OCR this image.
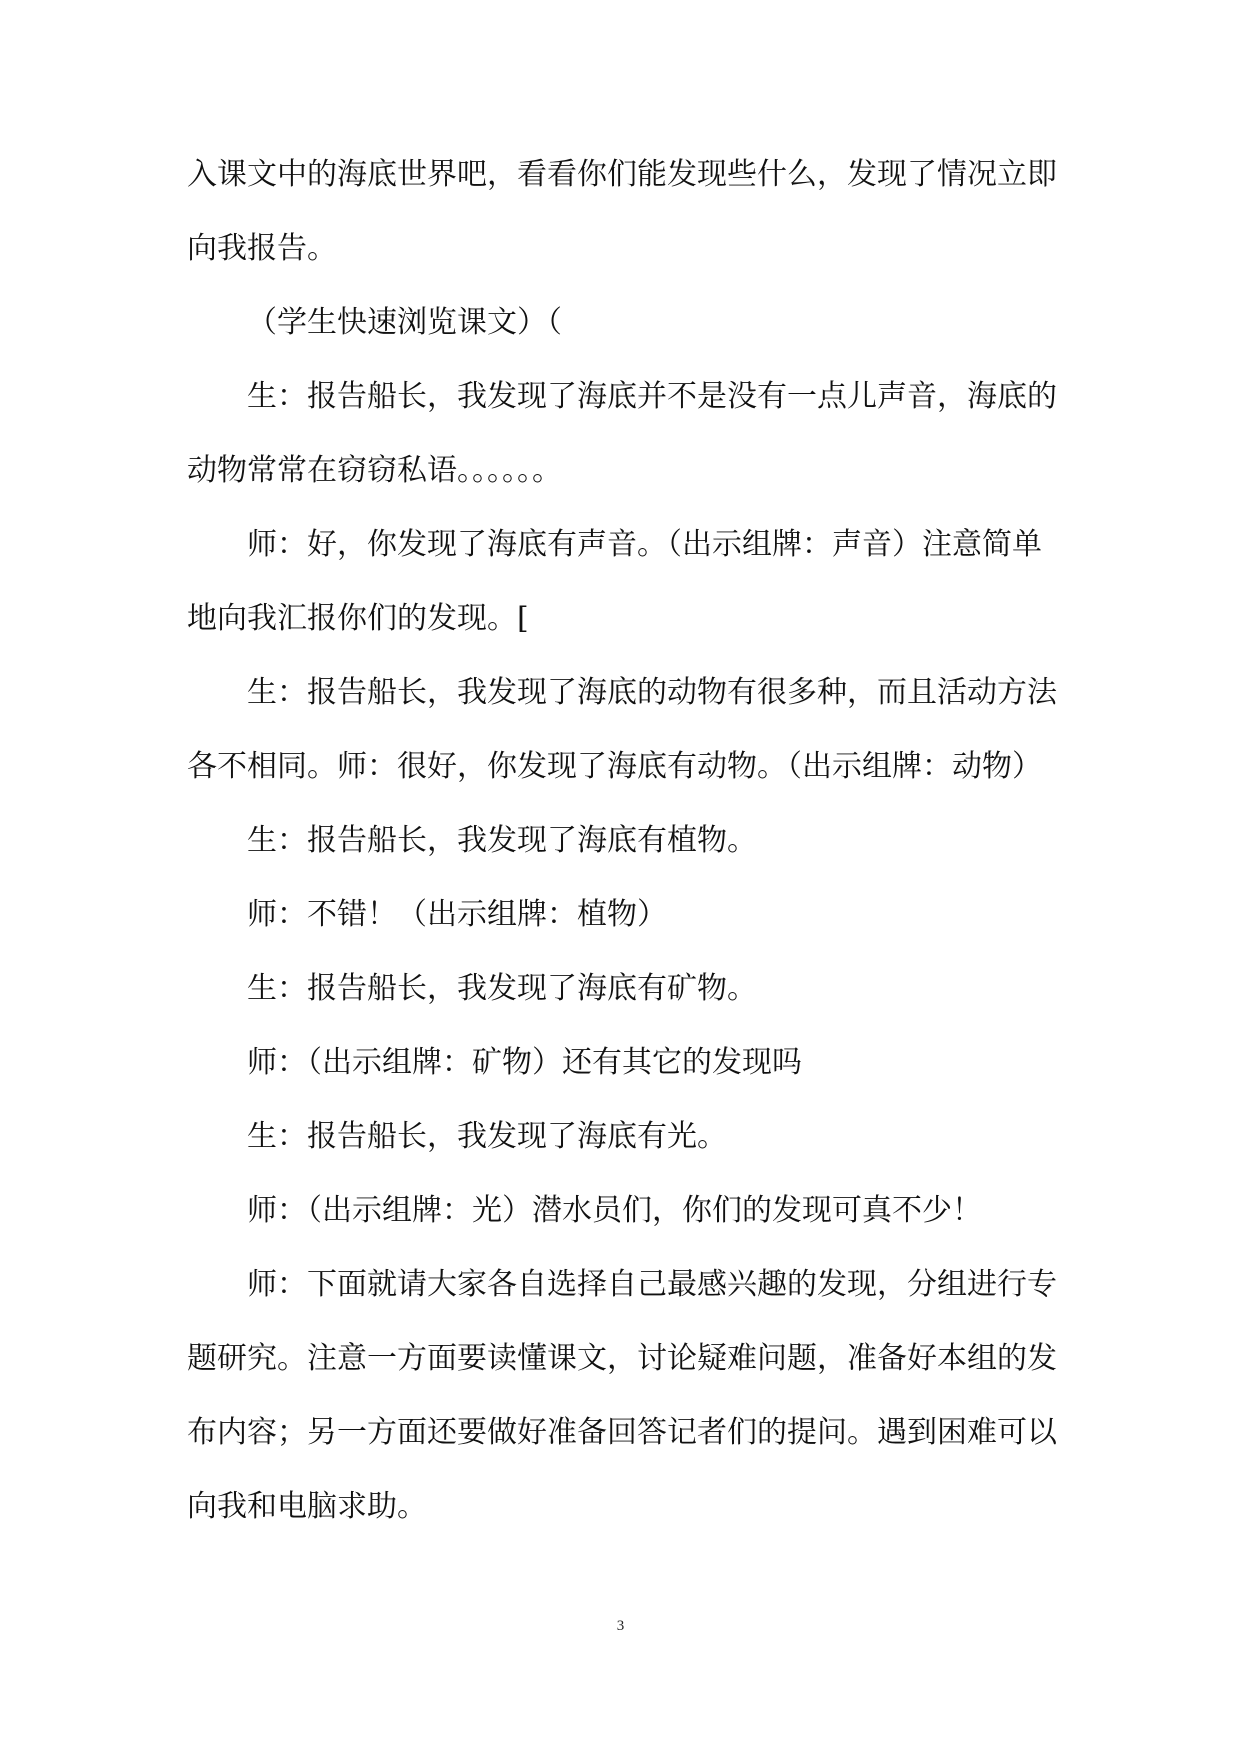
入课文中的海底世界吧，看看你们能发现些什么，发现了情况立即向我报告。

（学生快速浏览课文）（

生：报告船长，我发现了海底并不是没有一点儿声音，海底的动物常常在窃窃私语。。。。。。

师：好，你发现了海底有声音。（出示组牌：声音）注意简单地向我汇报你们的发现。[

生：报告船长，我发现了海底的动物有很多种，而且活动方法各不相同。师：很好，你发现了海底有动物。（出示组牌：动物）

生：报告船长，我发现了海底有植物。

师：不错！（出示组牌：植物）

生：报告船长，我发现了海底有矿物。

师：（出示组牌：矿物）还有其它的发现吗

生：报告船长，我发现了海底有光。

师：（出示组牌：光）潜水员们，你们的发现可真不少！

师：下面就请大家各自选择自己最感兴趣的发现，分组进行专题研究。注意一方面要读懂课文，讨论疑难问题，准备好本组的发布内容；另一方面还要做好准备回答记者们的提问。遇到困难可以向我和电脑求助。

3
